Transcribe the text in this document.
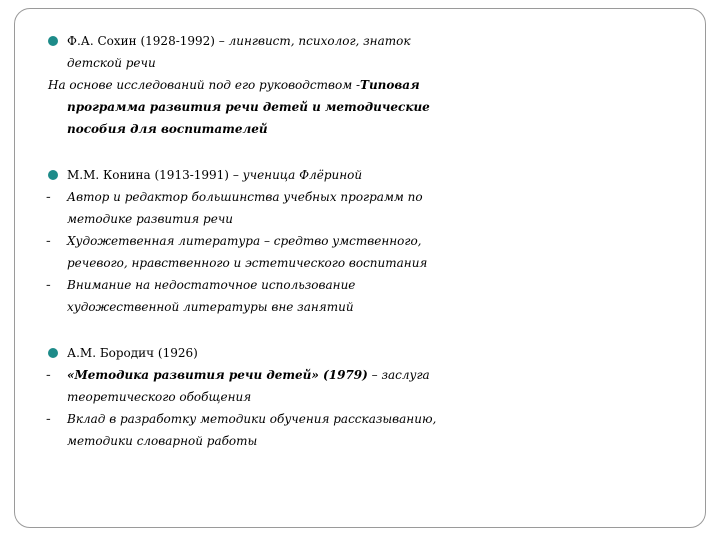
Ф.А. Сохин (1928-1992) – лингвист, психолог, знаток
детской речи
На основе исследований под его руководством -Типовая
программа развития речи детей и методические
пособия для воспитателей
М.М. Конина (1913-1991) – ученица Флёриной
- Автор и редактор большинства учебных программ по
методике развития речи
- Художетвенная литература – средтво умственного,
речевого, нравственного и эстетического воспитания
- Внимание на недостаточное использование
художественной литературы вне занятий
А.М. Бородич (1926)
- «Методика развития речи детей» (1979) – заслуга
теоретического обобщения
- Вклад в разработку методики обучения рассказыванию,
методики словарной работы
